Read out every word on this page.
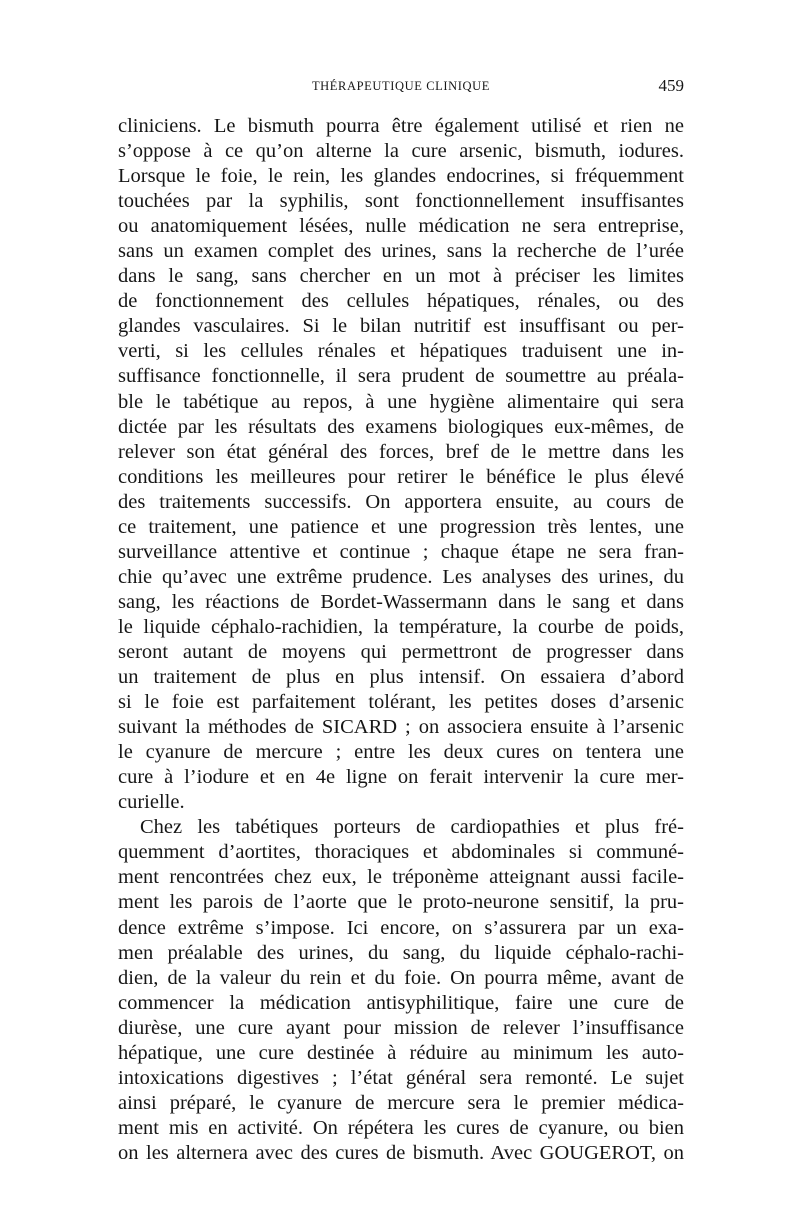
THÉRAPEUTIQUE CLINIQUE	459
cliniciens. Le bismuth pourra être également utilisé et rien ne
s’oppose à ce qu’on alterne la cure arsenic, bismuth, iodures.
Lorsque le foie, le rein, les glandes endocrines, si fréquemment
touchées par la syphilis, sont fonctionnellement insuffisantes
ou anatomiquement lésées, nulle médication ne sera entreprise,
sans un examen complet des urines, sans la recherche de l’urée
dans le sang, sans chercher en un mot à préciser les limites
de fonctionnement des cellules hépatiques, rénales, ou des
glandes vasculaires. Si le bilan nutritif est insuffisant ou per-
verti, si les cellules rénales et hépatiques traduisent une in-
suffisance fonctionnelle, il sera prudent de soumettre au préala-
ble le tabétique au repos, à une hygiène alimentaire qui sera
dictée par les résultats des examens biologiques eux-mêmes, de
relever son état général des forces, bref de le mettre dans les
conditions les meilleures pour retirer le bénéfice le plus élevé
des traitements successifs. On apportera ensuite, au cours de
ce traitement, une patience et une progression très lentes, une
surveillance attentive et continue ; chaque étape ne sera fran-
chie qu’avec une extrême prudence. Les analyses des urines, du
sang, les réactions de Bordet-Wassermann dans le sang et dans
le liquide céphalo-rachidien, la température, la courbe de poids,
seront autant de moyens qui permettront de progresser dans
un traitement de plus en plus intensif. On essaiera d’abord
si le foie est parfaitement tolérant, les petites doses d’arsenic
suivant la méthodes de SICARD ; on associera ensuite à l’arsenic
le cyanure de mercure ; entre les deux cures on tentera une
cure à l’iodure et en 4e ligne on ferait intervenir la cure mer-
curielle.
Chez les tabétiques porteurs de cardiopathies et plus fré-
quemment d’aortites, thoraciques et abdominales si communé-
ment rencontrées chez eux, le tréponème atteignant aussi facile-
ment les parois de l’aorte que le proto-neurone sensitif, la pru-
dence extrême s’impose. Ici encore, on s’assurera par un exa-
men préalable des urines, du sang, du liquide céphalo-rachi-
dien, de la valeur du rein et du foie. On pourra même, avant de
commencer la médication antisyphilitique, faire une cure de
diurèse, une cure ayant pour mission de relever l’insuffisance
hépatique, une cure destinée à réduire au minimum les auto-
intoxications digestives ; l’état général sera remonté. Le sujet
ainsi préparé, le cyanure de mercure sera le premier médica-
ment mis en activité. On répétera les cures de cyanure, ou bien
on les alternera avec des cures de bismuth. Avec GOUGEROT, on
